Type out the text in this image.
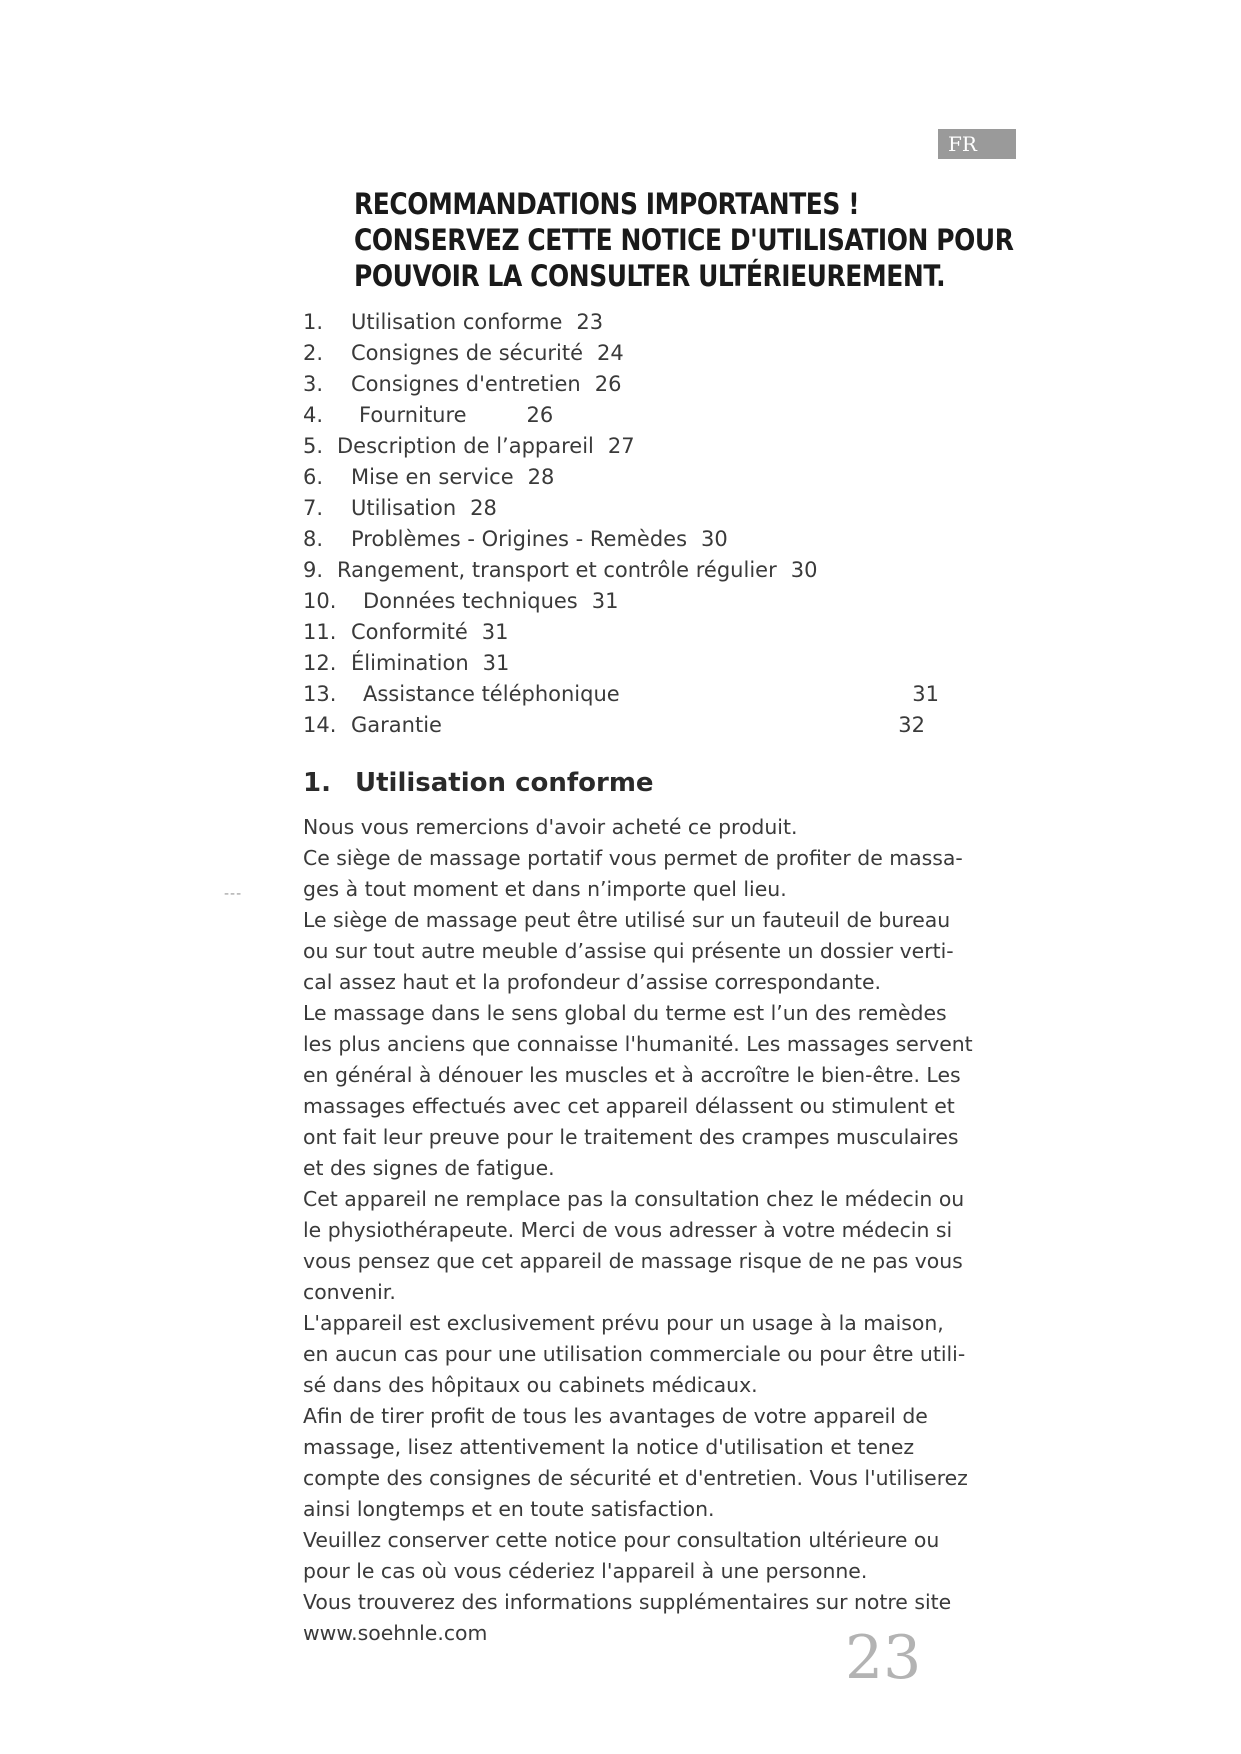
FR
RECOMMANDATIONS IMPORTANTES !
CONSERVEZ CETTE NOTICE D'UTILISATION POUR
POUVOIR LA CONSULTER ULTÉRIEUREMENT.
1.	Utilisation conforme 23
2.	Consignes de sécurité 24
3.	Consignes d'entretien 26
4.	Fourniture	26
5. Description de l’appareil 27
6.	Mise en service 28
7.	Utilisation 28
8.	Problèmes - Origines - Remèdes 30
9. Rangement, transport et contrôle régulier 30
10.	Données techniques 31
11. Conformité 31
12. Élimination 31
13.	Assistance téléphonique	31
14. Garantie	32
1. Utilisation conforme
---
Nous vous remercions d'avoir acheté ce produit.
Ce siège de massage portatif vous permet de profiter de massa-
ges à tout moment et dans n’importe quel lieu.
Le siège de massage peut être utilisé sur un fauteuil de bureau
ou sur tout autre meuble d’assise qui présente un dossier verti-
cal assez haut et la profondeur d’assise correspondante.
Le massage dans le sens global du terme est l’un des remèdes
les plus anciens que connaisse l'humanité. Les massages servent
en général à dénouer les muscles et à accroître le bien-être. Les
massages effectués avec cet appareil délassent ou stimulent et
ont fait leur preuve pour le traitement des crampes musculaires
et des signes de fatigue.
Cet appareil ne remplace pas la consultation chez le médecin ou
le physiothérapeute. Merci de vous adresser à votre médecin si
vous pensez que cet appareil de massage risque de ne pas vous
convenir.
L'appareil est exclusivement prévu pour un usage à la maison,
en aucun cas pour une utilisation commerciale ou pour être utili-
sé dans des hôpitaux ou cabinets médicaux.
Afin de tirer profit de tous les avantages de votre appareil de
massage, lisez attentivement la notice d'utilisation et tenez
compte des consignes de sécurité et d'entretien. Vous l'utiliserez
ainsi longtemps et en toute satisfaction.
Veuillez conserver cette notice pour consultation ultérieure ou
pour le cas où vous céderiez l'appareil à une personne.
Vous trouverez des informations supplémentaires sur notre site
www.soehnle.com	23
